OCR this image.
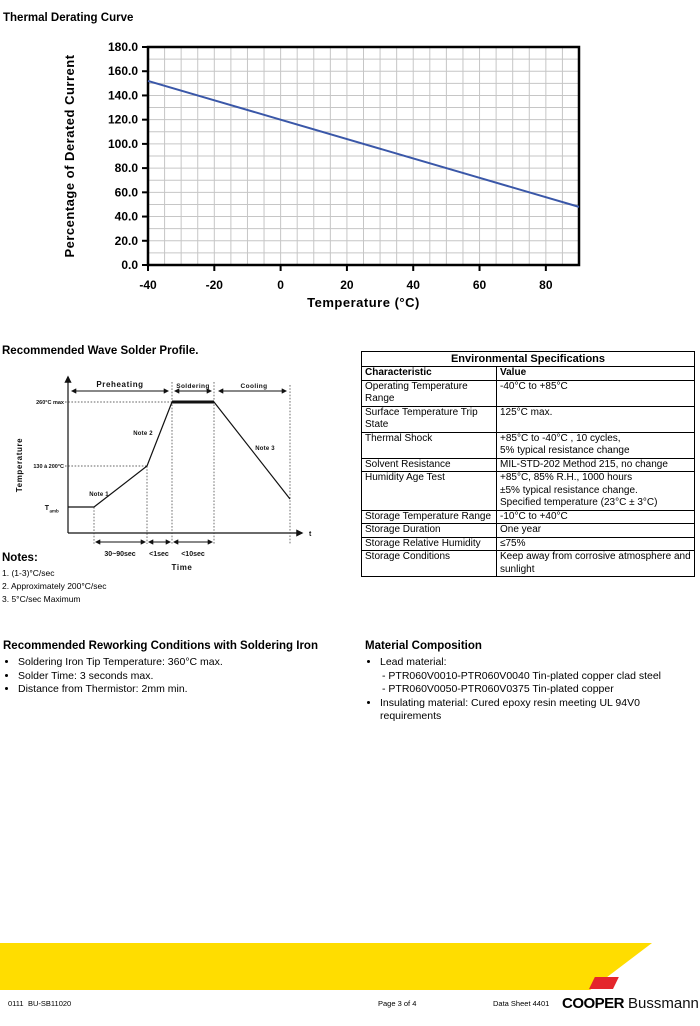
Thermal Derating Curve
-40	-20	0	20	40	60	80
0.0
20.0
40.0
60.0
80.0
100.0
120.0
140.0
160.0
180.0
Temperature (°C)
Percentage of Derated Current
Recommended Wave Solder Profile.
Temperature
t
Preheating	Soldering	Cooling
260°C max
130 à 200°C
T amb
Note 1
Note 2
Note 3
30~90sec <1sec <10sec
Time
Notes:
1. (1-3)°C/sec
2. Approximately 200°C/sec
3. 5°C/sec Maximum
Environmental Specifications	
Characteristic	Value
Operating Temperature Range	-40°C to +85°C

Surface Temperature Trip State	125°C max.

Thermal Shock	+85°C to -40°C , 10 cycles,
5% typical resistance change

Solvent Resistance	MIL-STD-202 Method 215, no change

Humidity Age Test	+85°C, 85% R.H., 1000 hours
±5% typical resistance change.
Specified temperature (23°C ± 3°C)

Storage Temperature Range	-10°C to +40°C

Storage Duration	One year

Storage Relative Humidity	≤75%

Storage Conditions	Keep away from corrosive atmosphere and sunlight
Recommended Reworking Conditions with Soldering Iron
• Soldering Iron Tip Temperature: 360°C max.
• Solder Time: 3 seconds max.
• Distance from Thermistor: 2mm min.
Material Composition
• Lead material:
- PTR060V0010-PTR060V0040 Tin-plated copper clad steel
- PTR060V0050-PTR060V0375 Tin-plated copper
• Insulating material: Cured epoxy resin meeting UL 94V0 requirements
COOPER Bussmann
0111 BU-SB11020	Page 3 of 4	Data Sheet 4401
